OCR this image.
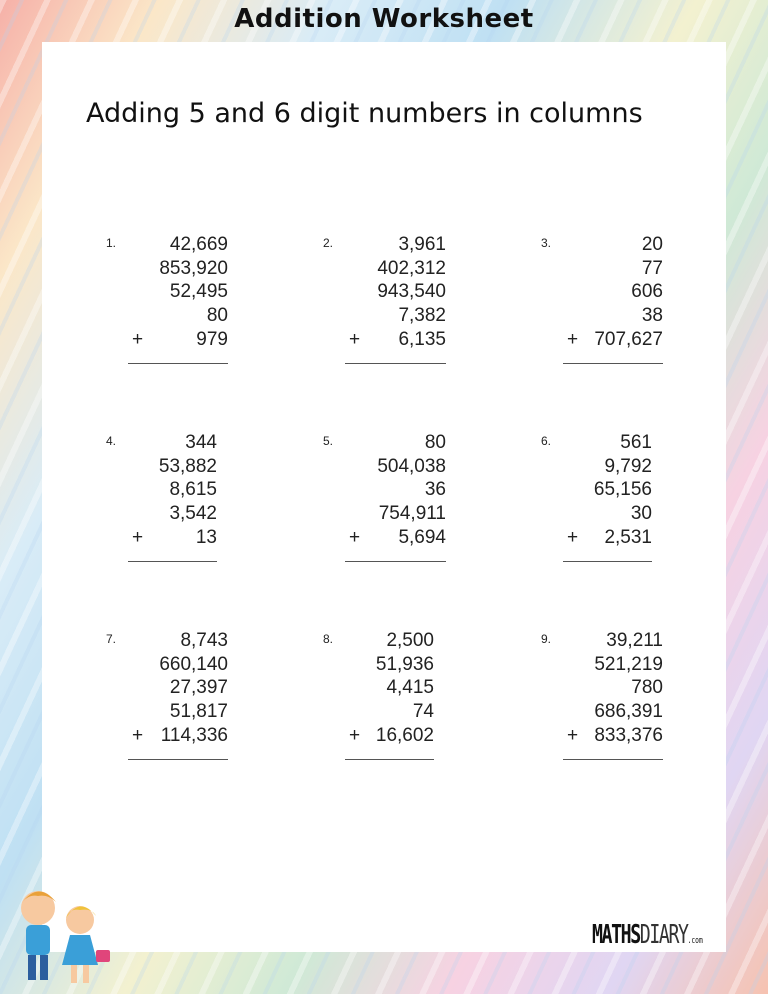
Addition Worksheet
Adding 5 and 6 digit numbers in columns
1.	42,669
853,920
52,495
80
+	979
2.	3,961
402,312
943,540
7,382
+ 6,135
3.	20
77
606
38
+ 707,627
4.	344
53,882
8,615
3,542
+	13
5.	80
504,038
36
754,911
+ 5,694
6.	561
9,792
65,156
30
+ 2,531
7.	8,743
660,140
27,397
51,817
+ 114,336
8.	2,500
51,936
4,415
74
+ 16,602
9.	39,211
521,219
780
686,391
+ 833,376
MATHSDIARY.com
